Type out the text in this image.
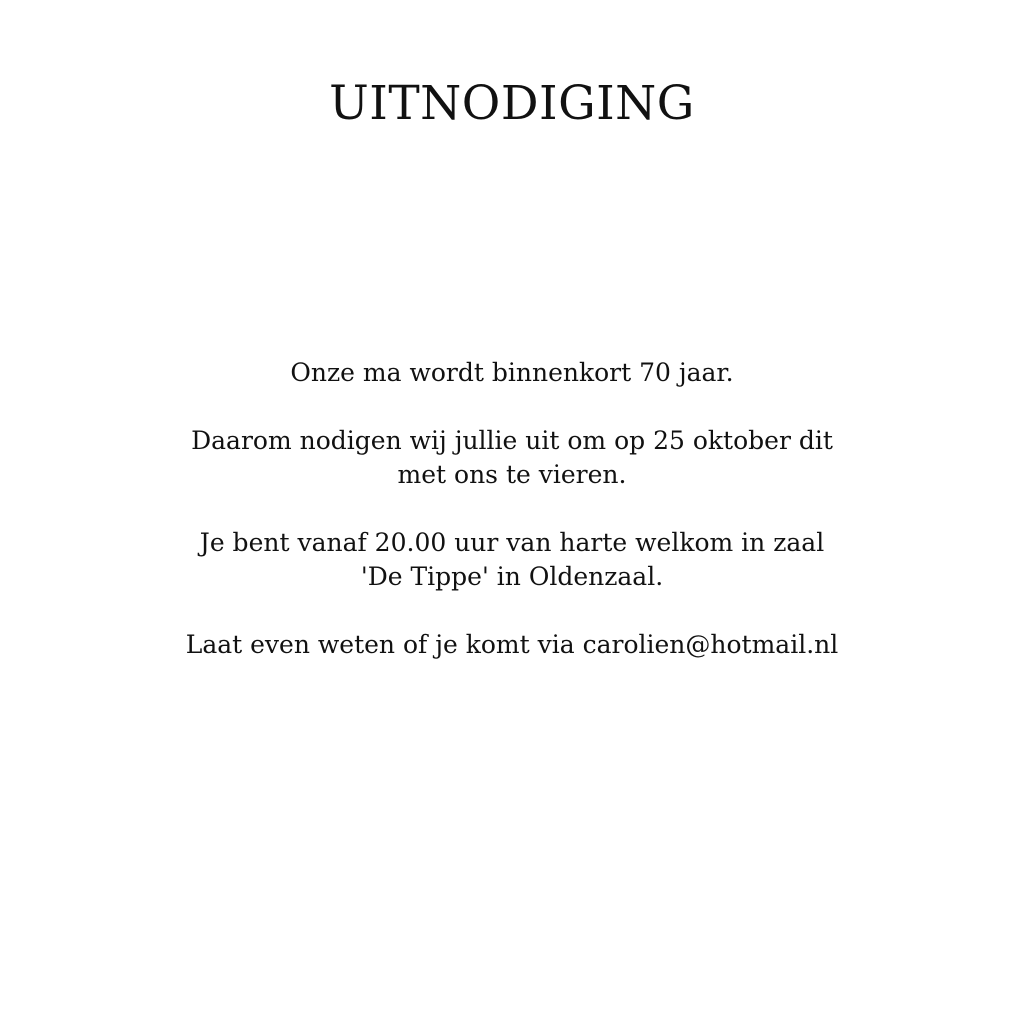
UITNODIGING
Onze ma wordt binnenkort 70 jaar.
Daarom nodigen wij jullie uit om op 25 oktober dit
met ons te vieren.
Je bent vanaf 20.00 uur van harte welkom in zaal
'De Tippe' in Oldenzaal.
Laat even weten of je komt via carolien@hotmail.nl
